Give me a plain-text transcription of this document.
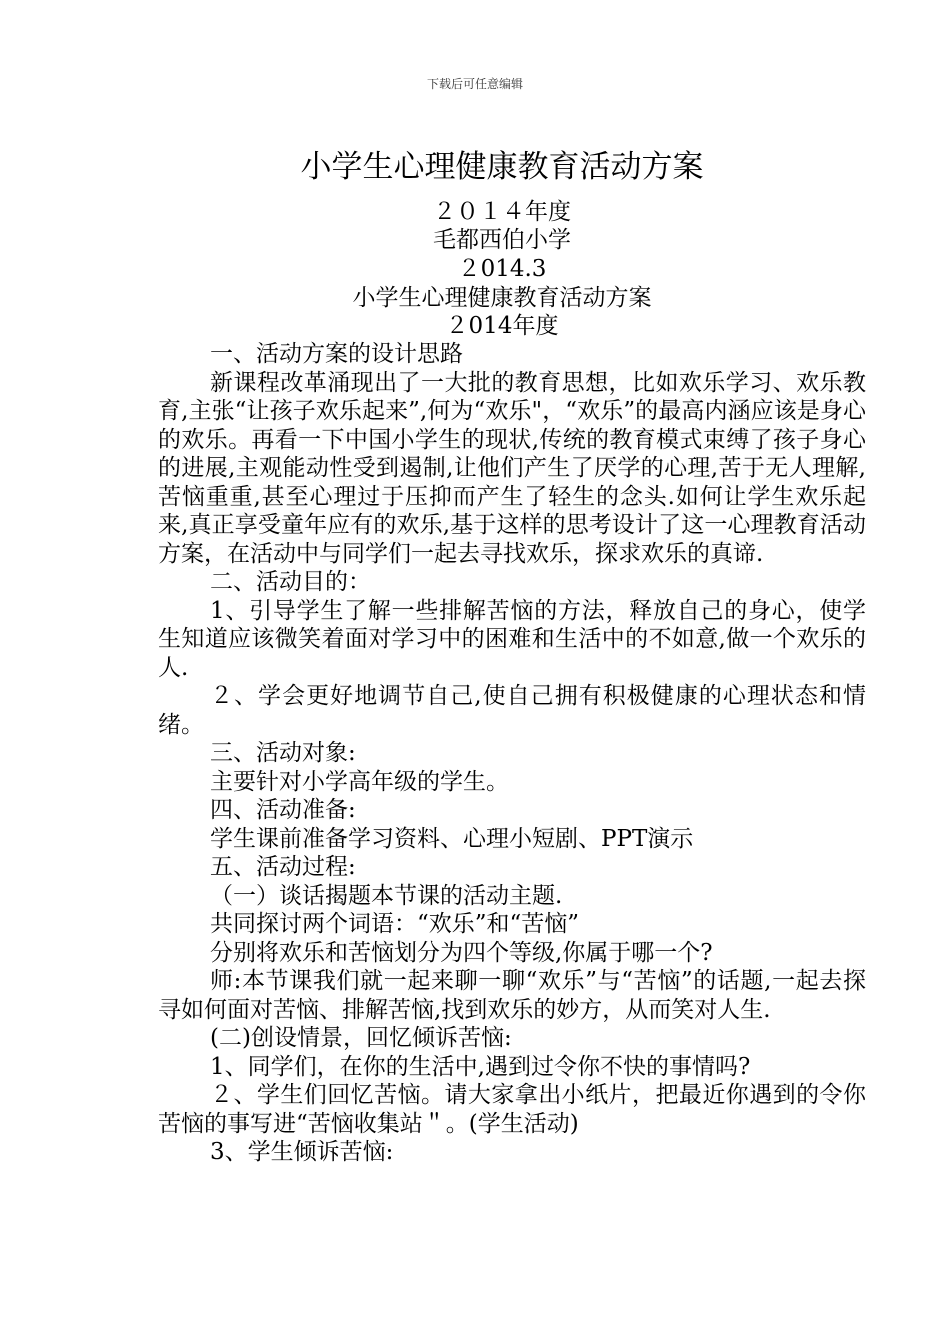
下载后可任意编辑
小学生心理健康教育活动方案
２０１４年度
毛都西伯小学
２014.3
小学生心理健康教育活动方案
２014年度

一、活动方案的设计思路

新课程改革涌现出了一大批的教育思想，比如欢乐学习、欢乐教育,主张“让孩子欢乐起来”,何为“欢乐"，“欢乐”的最高内涵应该是身心的欢乐。再看一下中国小学生的现状,传统的教育模式束缚了孩子身心的进展,主观能动性受到遏制,让他们产生了厌学的心理,苦于无人理解,苦恼重重,甚至心理过于压抑而产生了轻生的念头.如何让学生欢乐起来,真正享受童年应有的欢乐,基于这样的思考设计了这一心理教育活动方案，在活动中与同学们一起去寻找欢乐，探求欢乐的真谛.

二、活动目的：

1、引导学生了解一些排解苦恼的方法，释放自己的身心，使学生知道应该微笑着面对学习中的困难和生活中的不如意,做一个欢乐的人.

２、学会更好地调节自己,使自己拥有积极健康的心理状态和情绪。

三、活动对象:

主要针对小学高年级的学生。

四、活动准备:

学生课前准备学习资料、心理小短剧、PPT演示

五、活动过程:

（一）谈话揭题本节课的活动主题.

共同探讨两个词语：“欢乐”和“苦恼”

分别将欢乐和苦恼划分为四个等级,你属于哪一个?

师:本节课我们就一起来聊一聊“欢乐”与“苦恼”的话题,一起去探寻如何面对苦恼、排解苦恼,找到欢乐的妙方，从而笑对人生.

(二)创设情景，回忆倾诉苦恼:

1、同学们，在你的生活中,遇到过令你不快的事情吗?

２、学生们回忆苦恼。请大家拿出小纸片，把最近你遇到的令你苦恼的事写进“苦恼收集站＂。(学生活动)

3、学生倾诉苦恼:
